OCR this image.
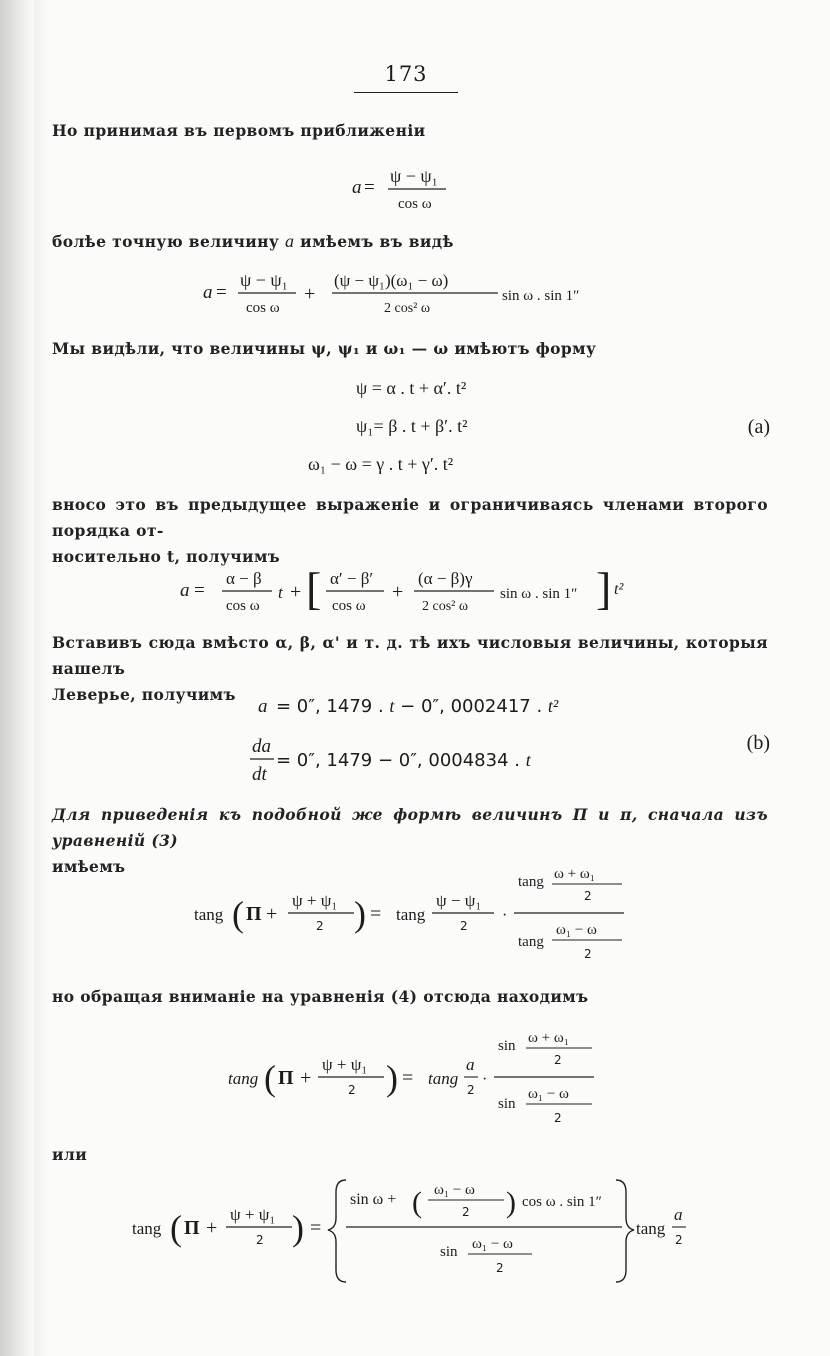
173
Но принимая въ первомъ приближеніи
a =
ψ − ψ₁
cos ω
болѣе точную величину a имѣемъ въ видѣ
a =
ψ − ψ₁
cos ω
+
(ψ − ψ₁)(ω₁ − ω)
2 cos² ω
sin ω . sin 1″
Мы видѣли, что величины ψ, ψ₁ и ω₁ — ω имѣютъ форму
ψ = α . t + α′. t²
ψ₁= β . t + β′. t²
ω₁ − ω = γ . t + γ′. t²
(a)
вносo это въ предыдущее выраженіе и ограничиваясь членами второго порядка от-
носительно t, получимъ
a =
α − β
cos ω
t + [ α′ − β′
cos ω
+
(α − β)γ
2 cos² ω
sin ω . sin 1″ ] t²
Вставивъ сюда вмѣсто α, β, α' и т. д. тѣ ихъ числовыя величины, которыя нашелъ
Леверье, получимъ
a = 0″, 1479 . t − 0″, 0002417 . t²
da
dt
= 0″, 1479 − 0″, 0004834 . t
(b)
Для приведенія къ подобной же формѣ величинъ Π и π, сначала изъ уравненій (3)
имѣемъ
tang ( Π +
ψ + ψ₁
2 ) = tang
ψ − ψ₁
2
·
tang ω + ω₁
2
tang
ω₁ − ω
2
но обращая вниманіе на уравненія (4) отсюда находимъ
tang ( Π +
ψ + ψ₁
2 ) = tang
a
2
·
sin ω + ω₁
2
sin
ω₁ − ω
2
или
tang ( Π +
ψ + ψ₁
2 ) =
sin ω + ( ω₁ − ω
2 ) cos ω . sin 1″
sin ω₁ − ω
2
tang
a
2
